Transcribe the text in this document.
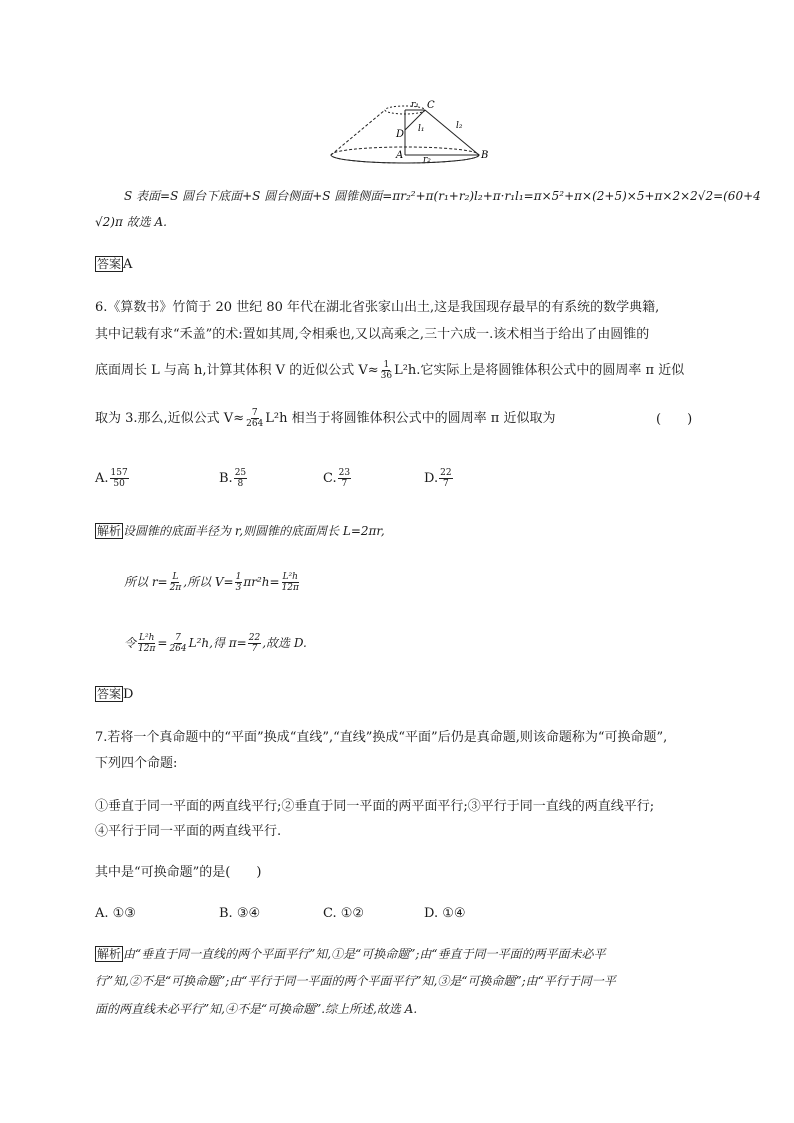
r₁ C
D l₁	l₂
A r₂	B
S 表面=S 圆台下底面+S 圆台侧面+S 圆锥侧面=πr₂²+π(r₁+r₂)l₂+π·r₁l₁=π×5²+π×(2+5)×5+π×2×2√2=(60+4
√2)π 故选 A.
答案 A
6.《算数书》竹简于 20 世纪 80 年代在湖北省张家山出土,这是我国现存最早的有系统的数学典籍,
其中记载有求“禾盖”的术:置如其周,令相乘也,又以高乘之,三十六成一.该术相当于给出了由圆锥的
底面周长 L 与高 h,计算其体积 V 的近似公式 $V\approx \frac{1}{36} L^2h$.它实际上是将圆锥体积公式中的圆周率 π 近似
取为 3.那么,近似公式 $V\approx \frac{7}{264} L^2h$ 相当于将圆锥体积公式中的圆周率 π 近似取为	(　　)
A. $\frac{157}{50}$	B. $\frac{25}{8}$	C. $\frac{23}{7}$	D. $\frac{22}{7}$
解析 设圆锥的底面半径为 r,则圆锥的底面周长 L=2πr,
所以 $r= \frac{L}{2\pi}$ ,所以 $V= \frac{1}{3} \pi r^2h= \frac{\text{L²h}}{12\pi}$
令 $\frac{\text{L²h}}{12\pi} = \frac{7}{264} L^2h$,得 $\pi= \frac{22}{7}$ ,故选 D.
答案 D
7.若将一个真命题中的“平面”换成“直线”,“直线”换成“平面”后仍是真命题,则该命题称为“可换命题”,
下列四个命题:
①垂直于同一平面的两直线平行;②垂直于同一平面的两平面平行;③平行于同一直线的两直线平行;
④平行于同一平面的两直线平行.
其中是“可换命题”的是(　　)
A. ①③	B. ③④	C. ①②	D. ①④
解析 由“垂直于同一直线的两个平面平行”知,①是“可换命题”;由“垂直于同一平面的两平面未必平
行”知,②不是“可换命题”;由“平行于同一平面的两个平面平行”知,③是“可换命题”;由“平行于同一平
面的两直线未必平行”知,④不是“可换命题”.综上所述,故选 A.
